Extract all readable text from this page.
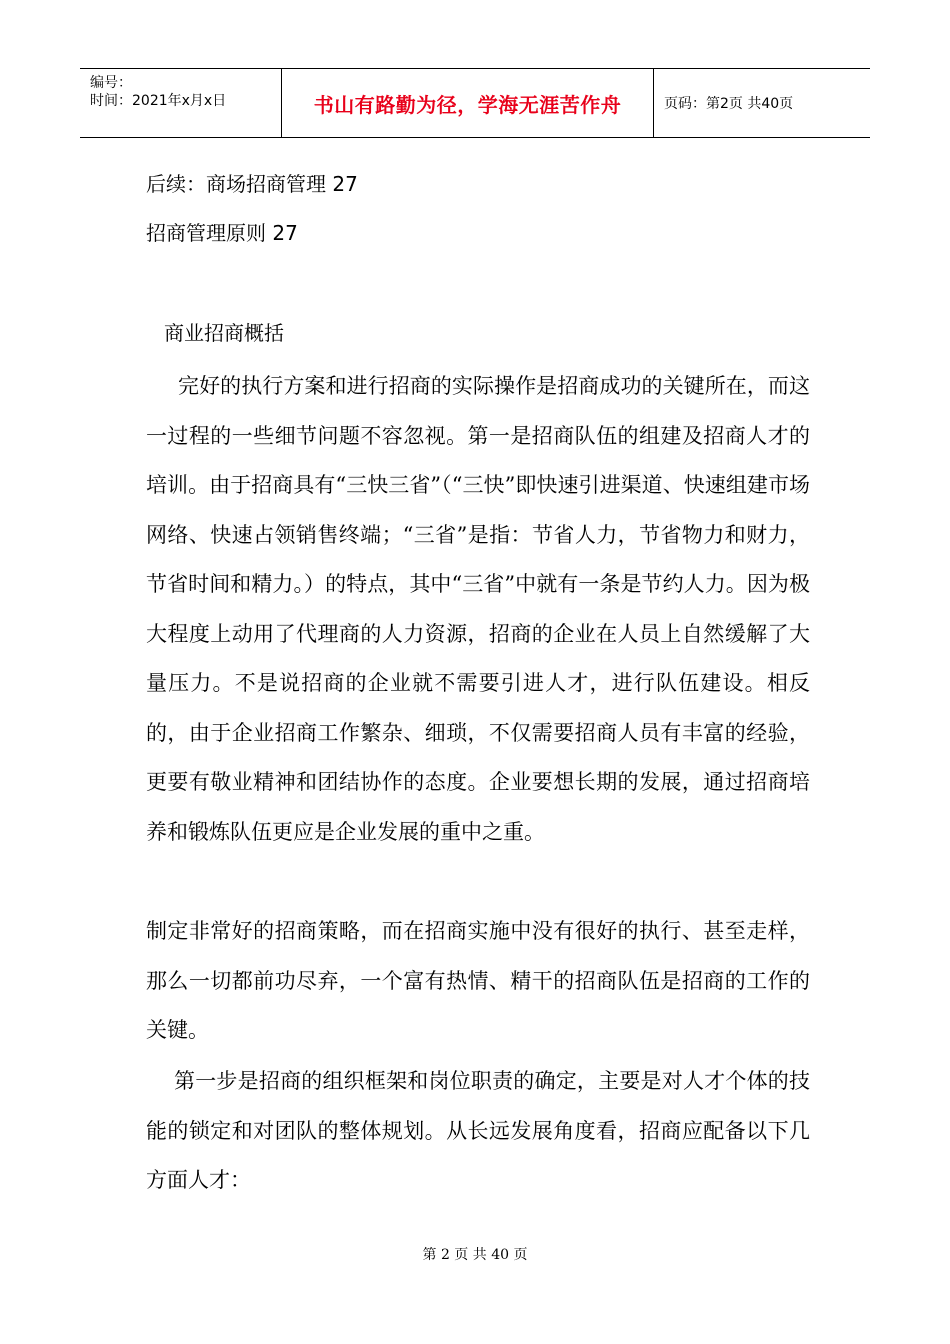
编号：
时间：2021年x月x日	书山有路勤为径，学海无涯苦作舟	页码：第2页 共40页
后续：商场招商管理 27
招商管理原则 27
商业招商概括

完好的执行方案和进行招商的实际操作是招商成功的关键所在，而这一过程的一些细节问题不容忽视。第一是招商队伍的组建及招商人才的培训。由于招商具有“三快三省”（“三快”即快速引进渠道、快速组建市场网络、快速占领销售终端；“三省”是指：节省人力，节省物力和财力，节省时间和精力。）的特点，其中“三省”中就有一条是节约人力。因为极大程度上动用了代理商的人力资源，招商的企业在人员上自然缓解了大量压力。不是说招商的企业就不需要引进人才，进行队伍建设。相反的，由于企业招商工作繁杂、细琐，不仅需要招商人员有丰富的经验，更要有敬业精神和团结协作的态度。企业要想长期的发展，通过招商培养和锻炼队伍更应是企业发展的重中之重。

制定非常好的招商策略，而在招商实施中没有很好的执行、甚至走样，那么一切都前功尽弃，一个富有热情、精干的招商队伍是招商的工作的关键。

第一步是招商的组织框架和岗位职责的确定，主要是对人才个体的技能的锁定和对团队的整体规划。从长远发展角度看，招商应配备以下几方面人才：

第 2 页 共 40 页
